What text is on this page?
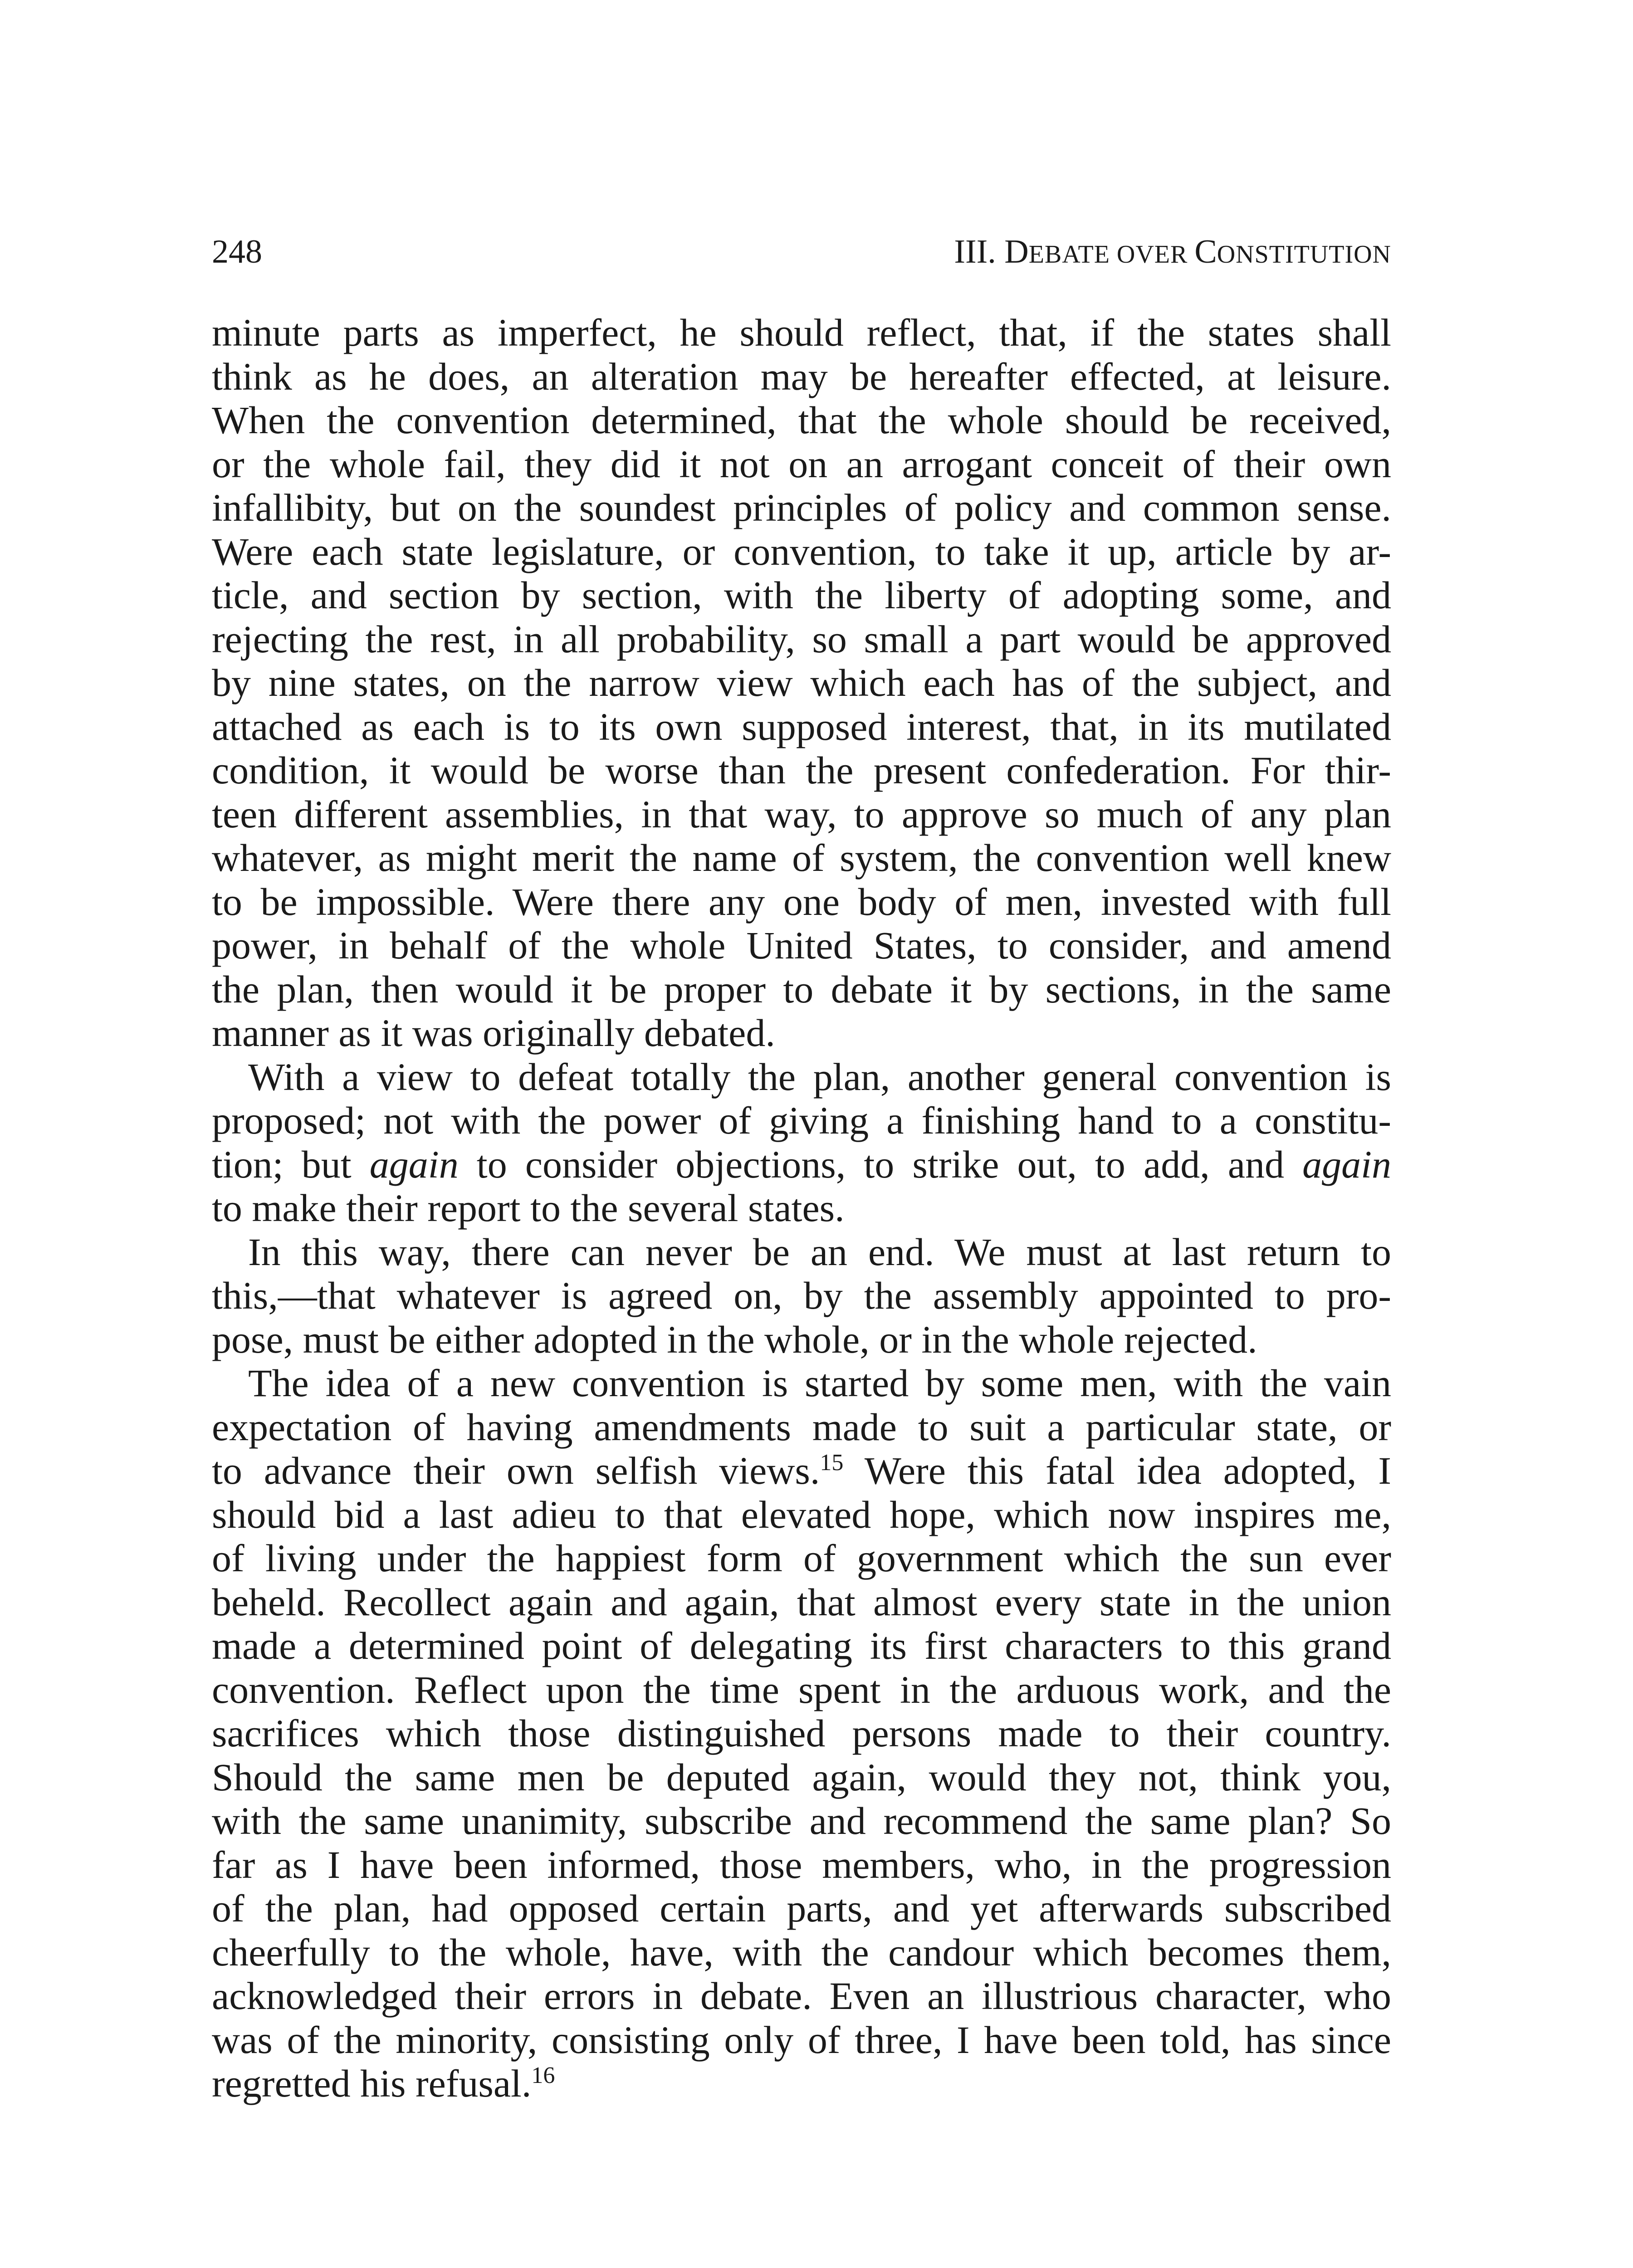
248	III. DEBATE OVER CONSTITUTION
minute parts as imperfect, he should reflect, that, if the states shall
think as he does, an alteration may be hereafter effected, at leisure.
When the convention determined, that the whole should be received,
or the whole fail, they did it not on an arrogant conceit of their own
infallibity, but on the soundest principles of policy and common sense.
Were each state legislature, or convention, to take it up, article by ar-
ticle, and section by section, with the liberty of adopting some, and
rejecting the rest, in all probability, so small a part would be approved
by nine states, on the narrow view which each has of the subject, and
attached as each is to its own supposed interest, that, in its mutilated
condition, it would be worse than the present confederation. For thir-
teen different assemblies, in that way, to approve so much of any plan
whatever, as might merit the name of system, the convention well knew
to be impossible. Were there any one body of men, invested with full
power, in behalf of the whole United States, to consider, and amend
the plan, then would it be proper to debate it by sections, in the same
manner as it was originally debated.
With a view to defeat totally the plan, another general convention is
proposed; not with the power of giving a finishing hand to a constitu-
tion; but again to consider objections, to strike out, to add, and again
to make their report to the several states.
In this way, there can never be an end. We must at last return to
this,—that whatever is agreed on, by the assembly appointed to pro-
pose, must be either adopted in the whole, or in the whole rejected.
The idea of a new convention is started by some men, with the vain
expectation of having amendments made to suit a particular state, or
to advance their own selfish views.$^{15}$ Were this fatal idea adopted, I
should bid a last adieu to that elevated hope, which now inspires me,
of living under the happiest form of government which the sun ever
beheld. Recollect again and again, that almost every state in the union
made a determined point of delegating its first characters to this grand
convention. Reflect upon the time spent in the arduous work, and the
sacrifices which those distinguished persons made to their country.
Should the same men be deputed again, would they not, think you,
with the same unanimity, subscribe and recommend the same plan? So
far as I have been informed, those members, who, in the progression
of the plan, had opposed certain parts, and yet afterwards subscribed
cheerfully to the whole, have, with the candour which becomes them,
acknowledged their errors in debate. Even an illustrious character, who
was of the minority, consisting only of three, I have been told, has since
regretted his refusal.$^{16}$
